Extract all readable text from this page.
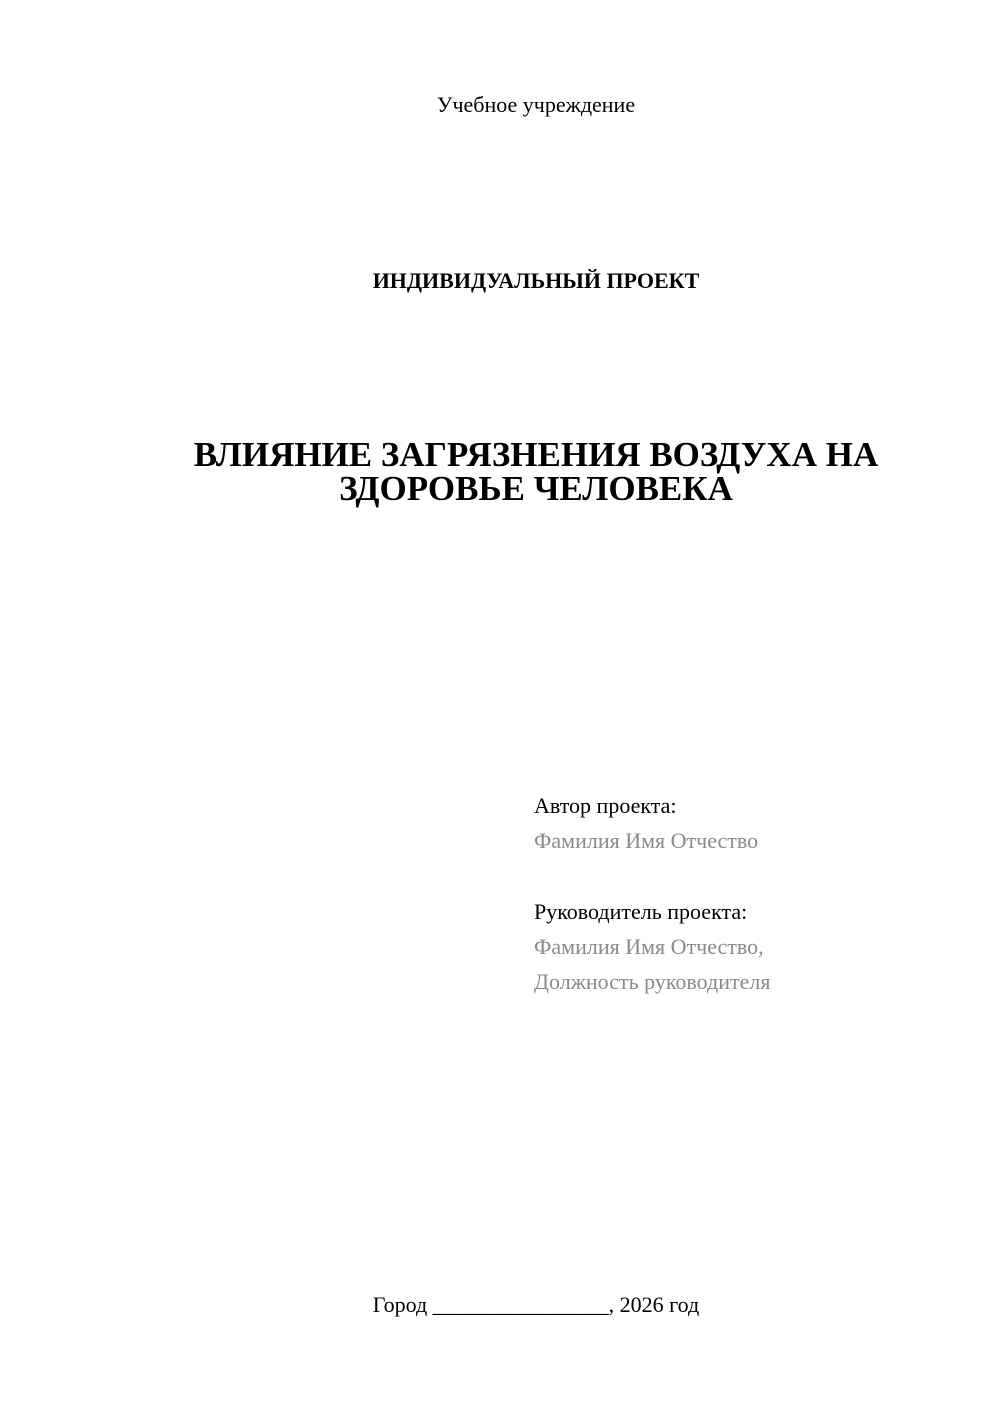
Учебное учреждение
ИНДИВИДУАЛЬНЫЙ ПРОЕКТ
ВЛИЯНИЕ ЗАГРЯЗНЕНИЯ ВОЗДУХА НА
ЗДОРОВЬЕ ЧЕЛОВЕКА
Автор проекта:
Фамилия Имя Отчество
Руководитель проекта:
Фамилия Имя Отчество,
Должность руководителя
Город ________________, 2026 год
